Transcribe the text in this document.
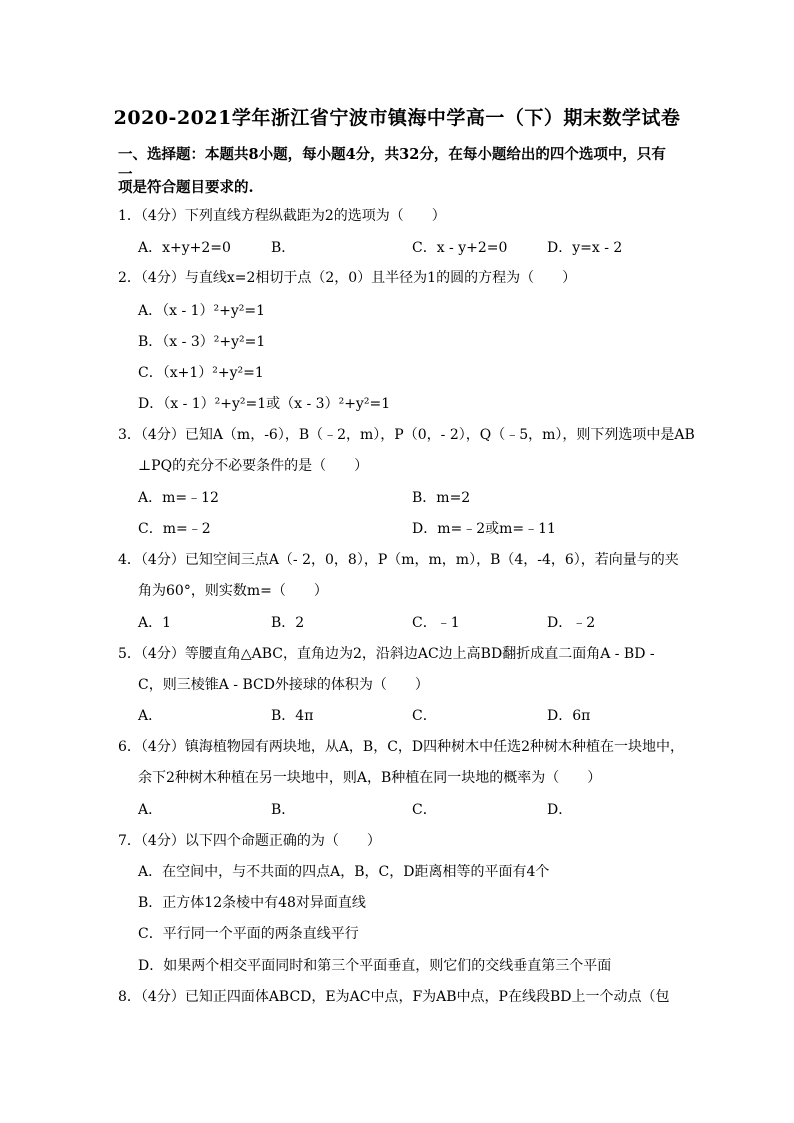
2020-2021学年浙江省宁波市镇海中学高一（下）期末数学试卷
一、选择题：本题共8小题，每小题4分，共32分，在每小题给出的四个选项中，只有一
项是符合题目要求的.
1．（4分）下列直线方程纵截距为2的选项为（　　）
A．x+y+2=0	B．	C．x - y+2=0	D．y=x - 2
2．（4分）与直线x=2相切于点（2，0）且半径为1的圆的方程为（　　）
A．（x - 1）²+y²=1
B．（x - 3）²+y²=1
C．（x+1）²+y²=1
D．（x - 1）²+y²=1或（x - 3）²+y²=1
3．（4分）已知A（m，-6），B（﹣2，m），P（0，- 2），Q（﹣5，m），则下列选项中是AB
⊥PQ的充分不必要条件的是（　　）
A．m=﹣12	B．m=2
C．m=﹣2	D．m=﹣2或m=﹣11
4．（4分）已知空间三点A（- 2，0，8），P（m，m，m），B（4，-4，6），若向量与的夹
角为60°，则实数m=（　　）
A．1	B．2	C．﹣1	D．﹣2
5．（4分）等腰直角△ABC，直角边为2，沿斜边AC边上高BD翻折成直二面角A - BD -
C，则三棱锥A - BCD外接球的体积为（　　）
A．	B．4π	C．	D．6π
6．（4分）镇海植物园有两块地，从A，B，C，D四种树木中任选2种树木种植在一块地中，
余下2种树木种植在另一块地中，则A，B种植在同一块地的概率为（　　）
A．	B．	C．	D．
7．（4分）以下四个命题正确的为（　　）
A．在空间中，与不共面的四点A，B，C，D距离相等的平面有4个
B．正方体12条棱中有48对异面直线
C．平行同一个平面的两条直线平行
D．如果两个相交平面同时和第三个平面垂直，则它们的交线垂直第三个平面
8．（4分）已知正四面体ABCD，E为AC中点，F为AB中点，P在线段BD上一个动点（包
